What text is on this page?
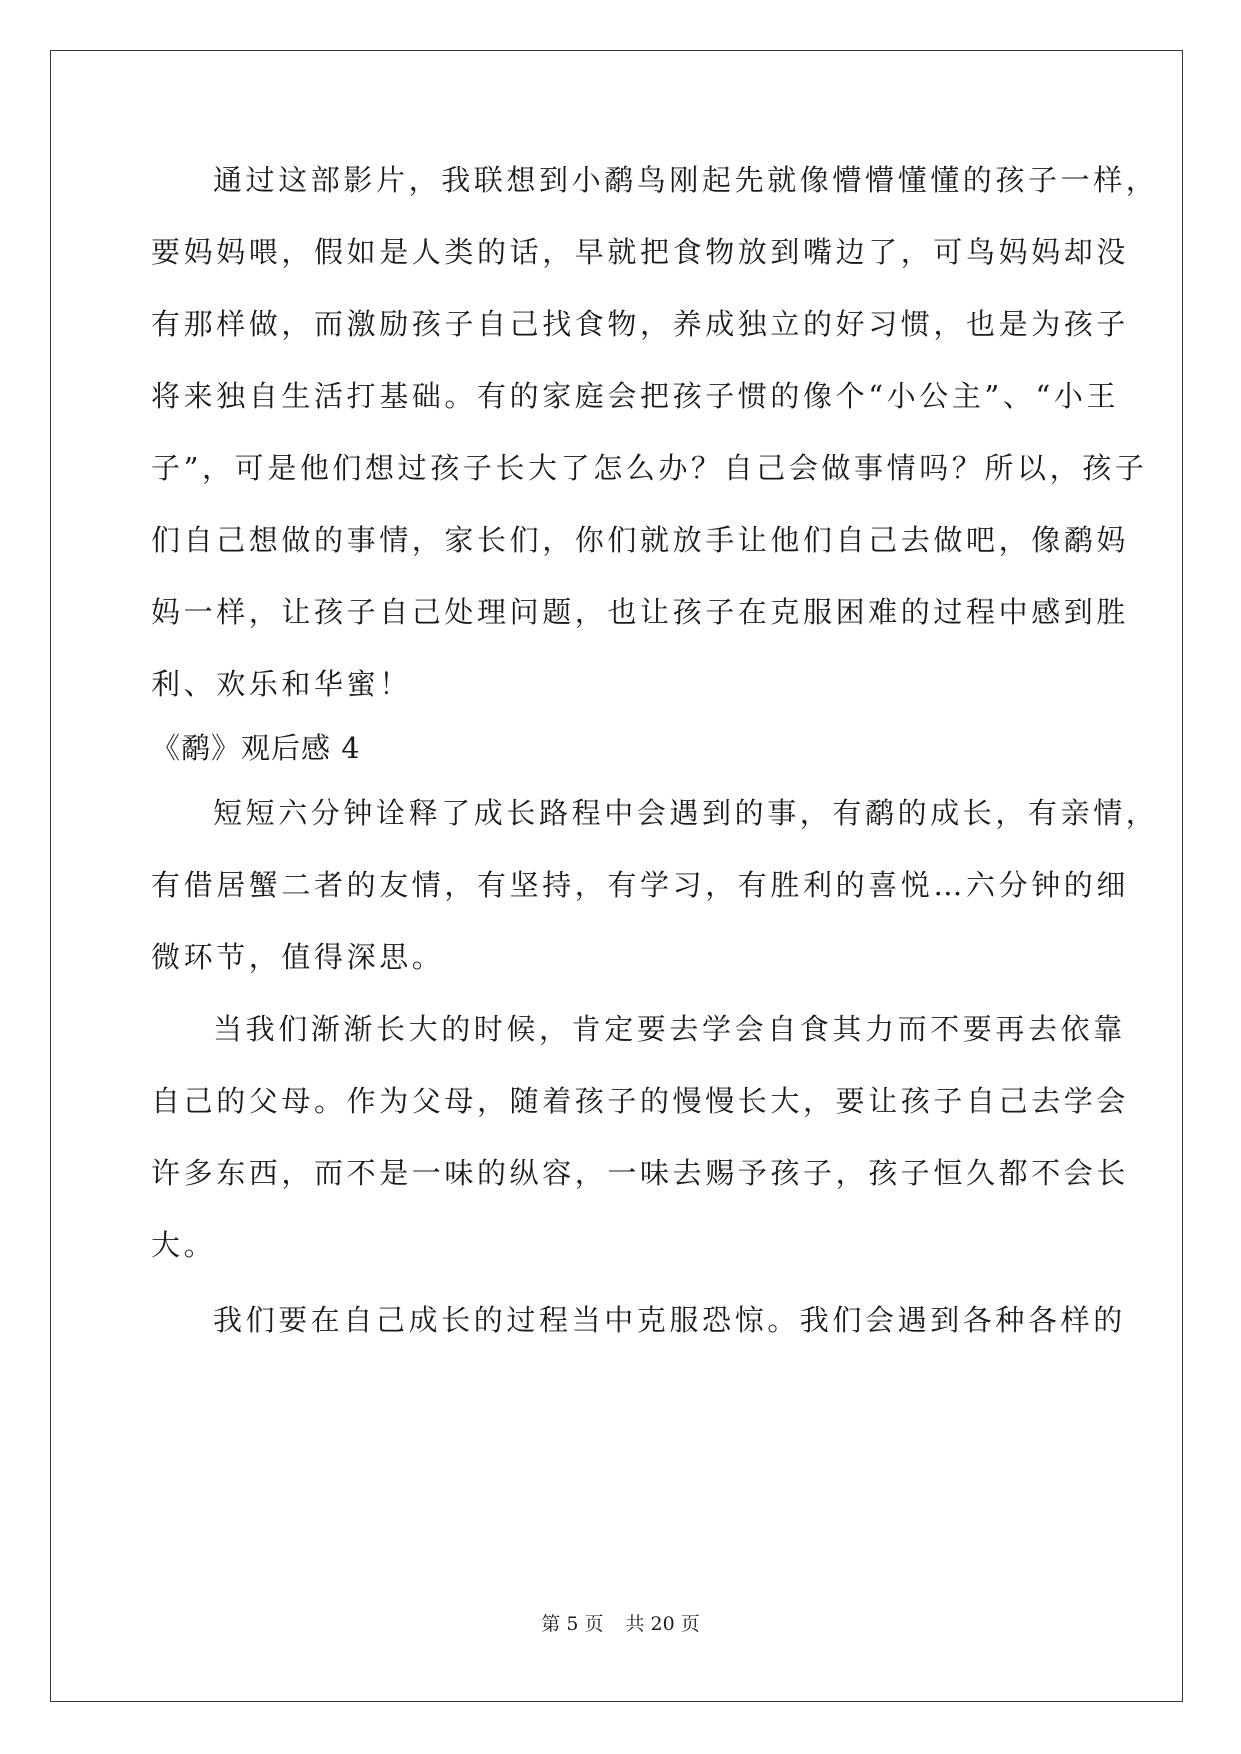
通过这部影片，我联想到小鹬鸟刚起先就像懵懵懂懂的孩子一样，
要妈妈喂，假如是人类的话，早就把食物放到嘴边了，可鸟妈妈却没
有那样做，而激励孩子自己找食物，养成独立的好习惯，也是为孩子
将来独自生活打基础。有的家庭会把孩子惯的像个“小公主”、“小王
子”，可是他们想过孩子长大了怎么办？自己会做事情吗？所以，孩子
们自己想做的事情，家长们，你们就放手让他们自己去做吧，像鹬妈
妈一样，让孩子自己处理问题，也让孩子在克服困难的过程中感到胜
利、欢乐和华蜜！
《鹬》观后感 4
短短六分钟诠释了成长路程中会遇到的事，有鹬的成长，有亲情，
有借居蟹二者的友情，有坚持，有学习，有胜利的喜悦…六分钟的细
微环节，值得深思。
当我们渐渐长大的时候，肯定要去学会自食其力而不要再去依靠
自己的父母。作为父母，随着孩子的慢慢长大，要让孩子自己去学会
许多东西，而不是一味的纵容，一味去赐予孩子，孩子恒久都不会长
大。
我们要在自己成长的过程当中克服恐惊。我们会遇到各种各样的
第 5 页 共 20 页
